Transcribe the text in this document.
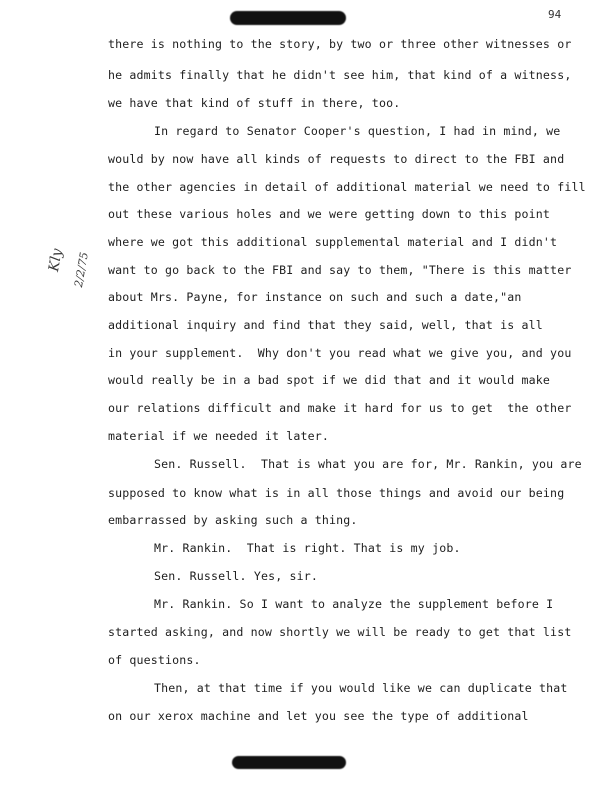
94
Kly 2/2/75
there is nothing to the story, by two or three other witnesses or
he admits finally that he didn't see him, that kind of a witness,
we have that kind of stuff in there, too.
In regard to Senator Cooper's question, I had in mind, we
would by now have all kinds of requests to direct to the FBI and
the other agencies in detail of additional material we need to fill
out these various holes and we were getting down to this point
where we got this additional supplemental material and I didn't
want to go back to the FBI and say to them, "There is this matter
about Mrs. Payne, for instance on such and such a date,"an
additional inquiry and find that they said, well, that is all
in your supplement.  Why don't you read what we give you, and you
would really be in a bad spot if we did that and it would make
our relations difficult and make it hard for us to get  the other
material if we needed it later.
Sen. Russell.  That is what you are for, Mr. Rankin, you are
supposed to know what is in all those things and avoid our being
embarrassed by asking such a thing.
Mr. Rankin.  That is right. That is my job.
Sen. Russell. Yes, sir.
Mr. Rankin. So I want to analyze the supplement before I
started asking, and now shortly we will be ready to get that list
of questions.
Then, at that time if you would like we can duplicate that
on our xerox machine and let you see the type of additional
